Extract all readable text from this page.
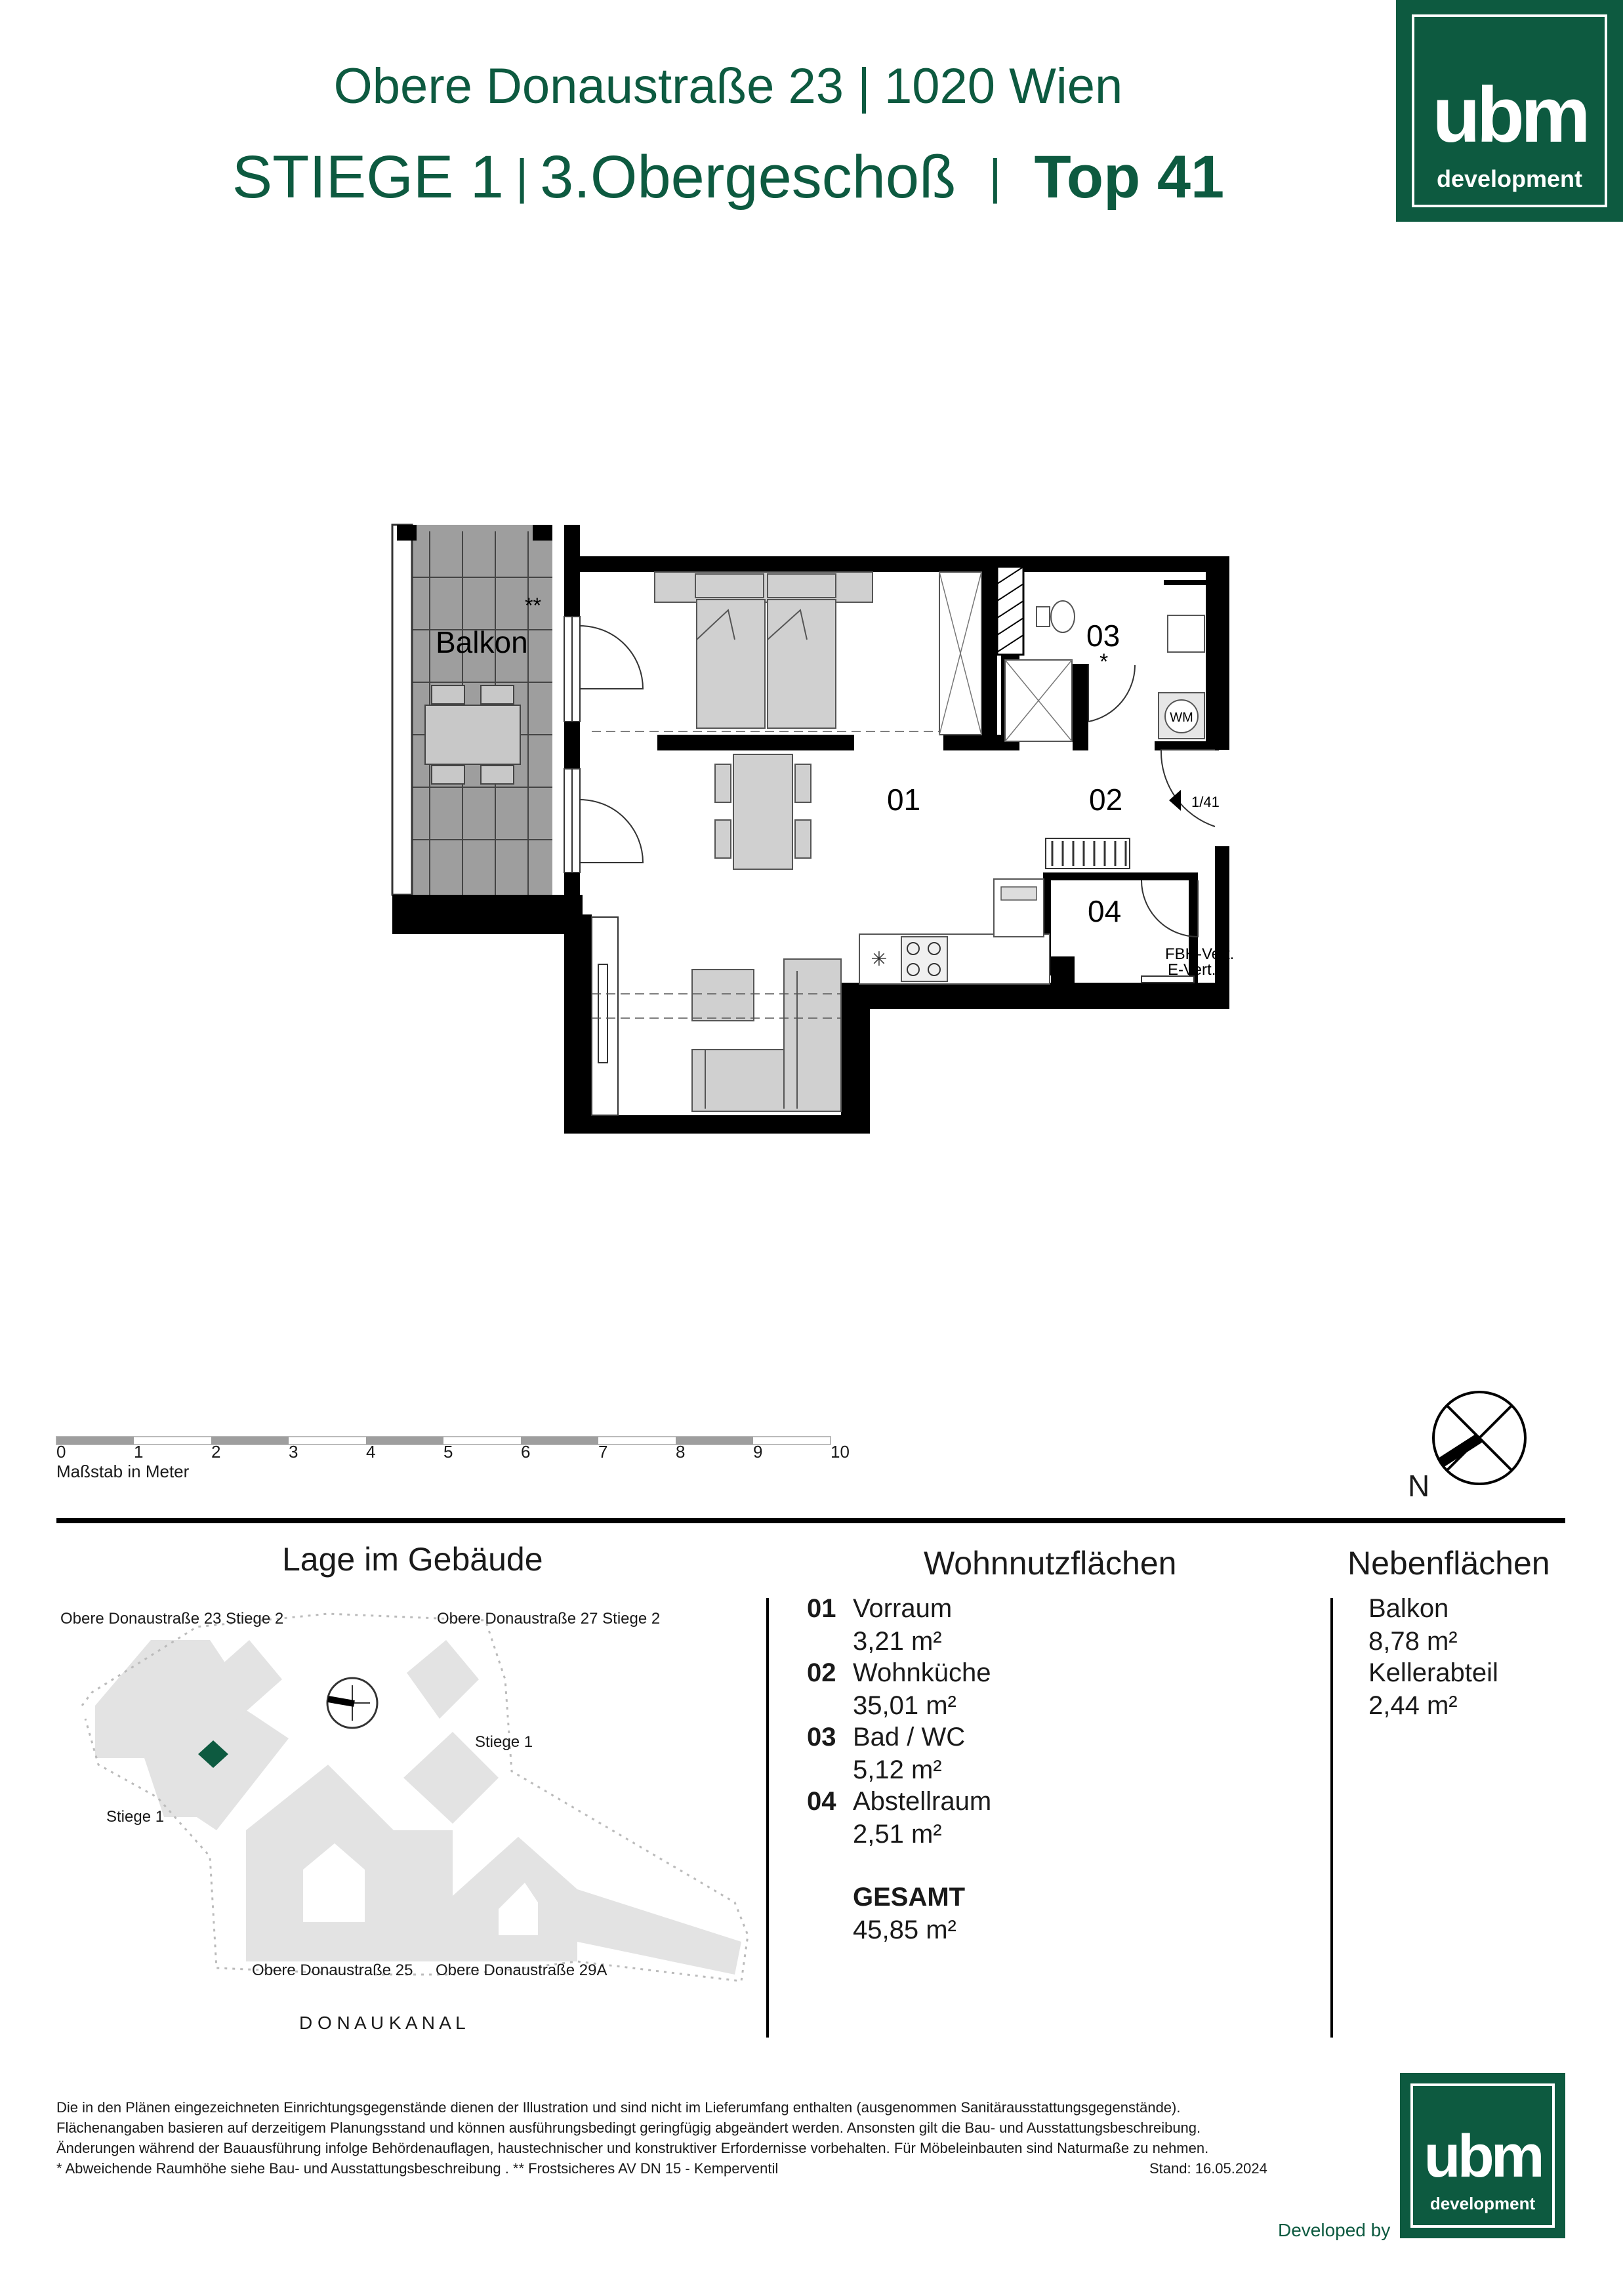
Obere Donaustraße 23 | 1020 Wien
STIEGE 1 | 3.Obergeschoß | Top 41
ubm
development
✳
Balkon
**
01	02
03
*
04
1/41
WM
FBH-Vert.
E-Vert.
0	1	2	3	4	5	6	7	8	9	10
Maßstab in Meter	N
Lage im Gebäude
Obere Donaustraße 23 Stiege 2	Obere Donaustraße 27 Stiege 2
Stiege 1
Stiege 1
Obere Donaustraße 25 Obere Donaustraße 29A
D O N A U K A N A L
Wohnnutzflächen
01 Vorraum
3,21 m²
02 Wohnküche
35,01 m²
03 Bad / WC
5,12 m²
04 Abstellraum
2,51 m²
GESAMT
45,85 m²
Nebenflächen
Balkon
8,78 m²
Kellerabteil
2,44 m²
Die in den Plänen eingezeichneten Einrichtungsgegenstände dienen der Illustration und sind nicht im Lieferumfang enthalten (ausgenommen Sanitärausstattungsgegenstände).
Flächenangaben basieren auf derzeitigem Planungsstand und können ausführungsbedingt geringfügig abgeändert werden. Ansonsten gilt die Bau- und Ausstattungsbeschreibung.
Änderungen während der Bauausführung infolge Behördenauflagen, haustechnischer und konstruktiver Erfordernisse vorbehalten. Für Möbeleinbauten sind Naturmaße zu nehmen.
* Abweichende Raumhöhe siehe Bau- und Ausstattungsbeschreibung . ** Frostsicheres AV DN 15 - Kemperventil	Stand: 16.05.2024
Developed by
ubm
development
